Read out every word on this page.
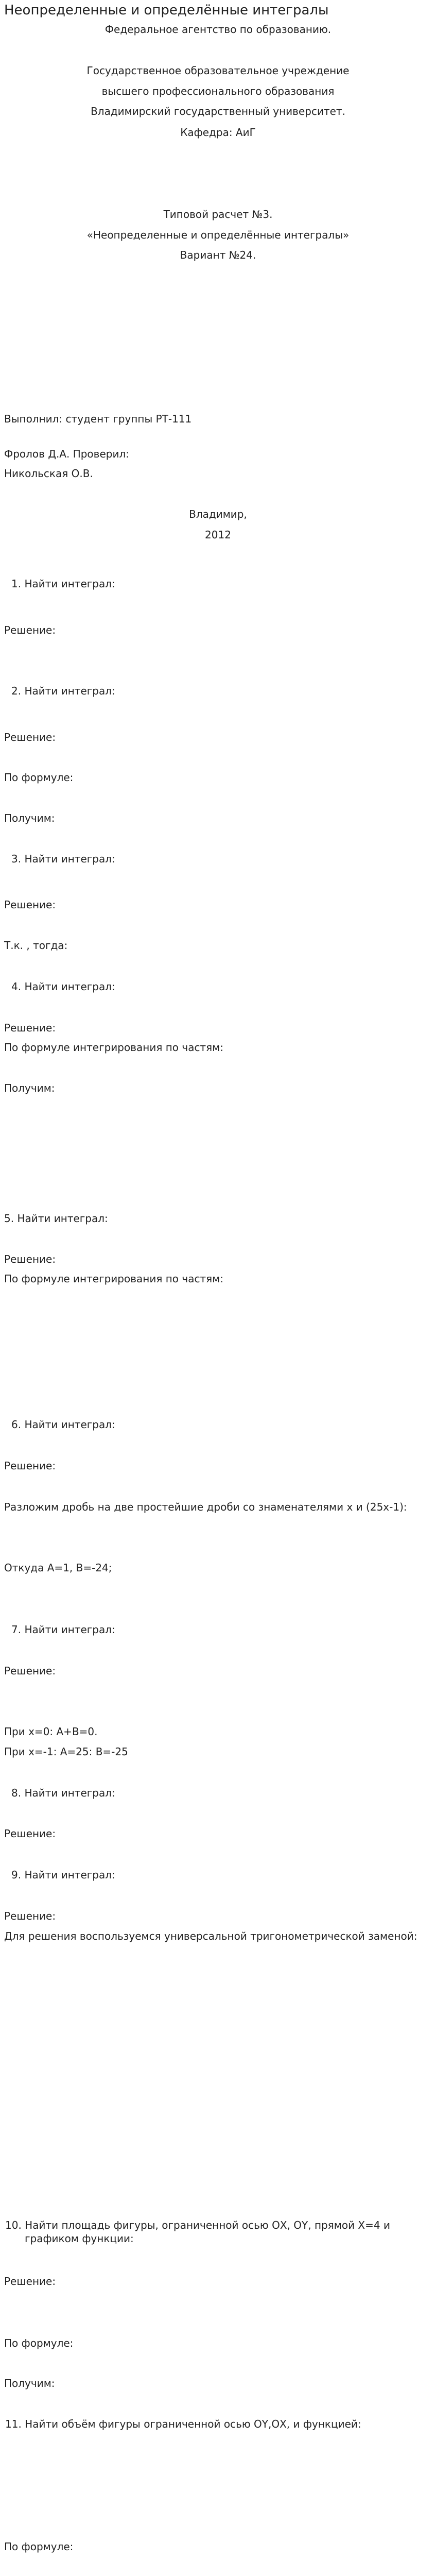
Неопределенные и определённые интегралы

Федеральное агентство по образованию.

Государственное образовательное учреждение

высшего профессионального образования

Владимирский государственный университет.

Кафедра: АиГ

Типовой расчет №3.

«Неопределенные и определённые интегралы»

Вариант №24.

Выполнил: студент группы РТ-111

Фролов Д.А. Проверил:

Никольская О.В.

Владимир,

2012

1. Найти интеграл:

Решение:

2. Найти интеграл:

Решение:

По формуле:

Получим:

3. Найти интеграл:

Решение:

Т.к. , тогда:

4. Найти интеграл:

Решение:

По формуле интегрирования по частям:

Получим:

5. Найти интеграл:

Решение:

По формуле интегрирования по частям:

6. Найти интеграл:

Решение:

Разложим дробь на две простейшие дроби со знаменателями х и (25х-1):

Откуда А=1, В=-24;

7. Найти интеграл:

Решение:

При х=0: А+В=0.

При х=-1: А=25: В=-25

8. Найти интеграл:

Решение:

9. Найти интеграл:

Решение:

Для решения воспользуемся универсальной тригонометрической заменой:

10. Найти площадь фигуры, ограниченной осью ОХ, ОY, прямой Х=4 и графиком функции:

Решение:

По формуле:

Получим:

11. Найти объём фигуры ограниченной осью ОY,ОХ, и функцией:

По формуле:
